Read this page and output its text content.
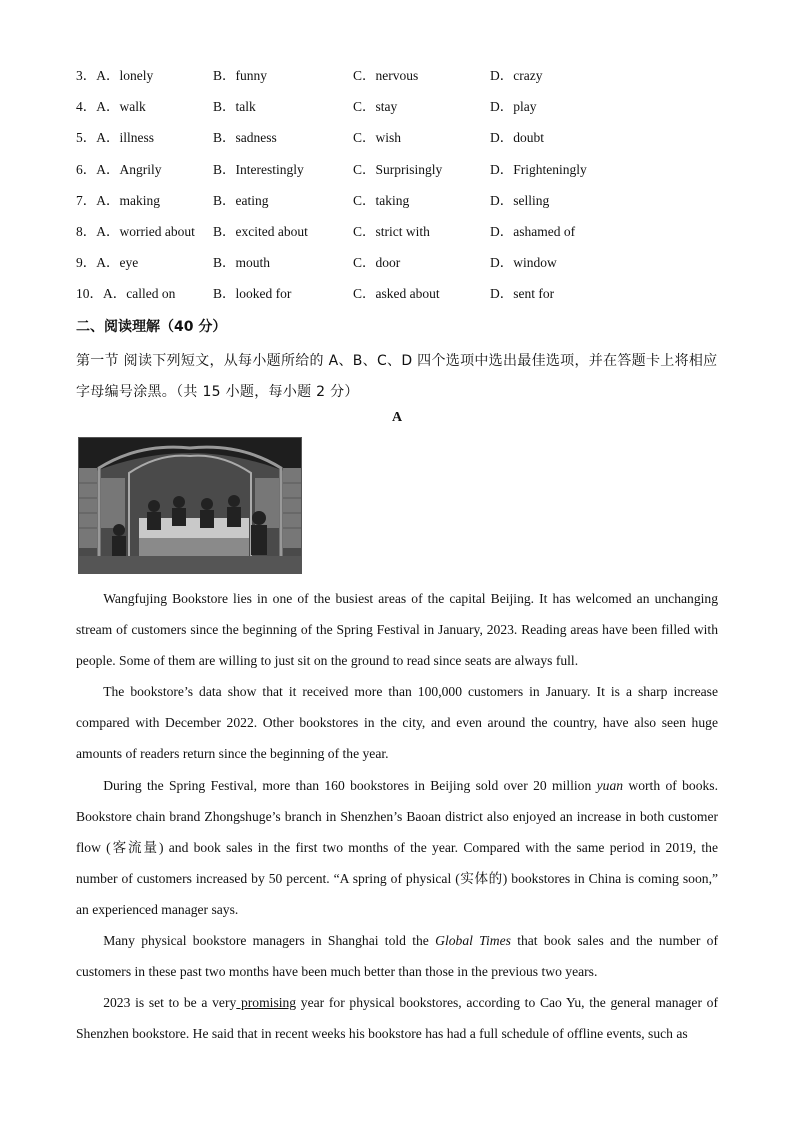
3．A．lonely	B．funny	C．nervous	D．crazy
4．A．walk	B．talk	C．stay	D．play
5．A．illness	B．sadness	C．wish	D．doubt
6．A．Angrily	B．Interestingly	C．Surprisingly	D．Frighteningly
7．A．making	B．eating	C．taking	D．selling
8．A．worried about B．excited about	C．strict with	D．ashamed of
9．A．eye	B．mouth	C．door	D．window
10．A．called on	B．looked for	C．asked about	D．sent for
二、阅读理解（40 分）
第一节 阅读下列短文，从每小题所给的 A、B、C、D 四个选项中选出最佳选项，并在答题卡上将相应字母编号涂黑。（共 15 小题，每小题 2 分）
A

Wangfujing Bookstore lies in one of the busiest areas of the capital Beijing. It has welcomed an unchanging stream of customers since the beginning of the Spring Festival in January, 2023. Reading areas have been filled with people. Some of them are willing to just sit on the ground to read since seats are always full.

The bookstore’s data show that it received more than 100,000 customers in January. It is a sharp increase compared with December 2022. Other bookstores in the city, and even around the country, have also seen huge amounts of readers return since the beginning of the year.

During the Spring Festival, more than 160 bookstores in Beijing sold over 20 million yuan worth of books. Bookstore chain brand Zhongshuge’s branch in Shenzhen’s Baoan district also enjoyed an increase in both customer flow (客流量) and book sales in the first two months of the year. Compared with the same period in 2019, the number of customers increased by 50 percent. “A spring of physical (实体的) bookstores in China is coming soon,” an experienced manager says.

Many physical bookstore managers in Shanghai told the Global Times that book sales and the number of customers in these past two months have been much better than those in the previous two years.

2023 is set to be a very promising year for physical bookstores, according to Cao Yu, the general manager of Shenzhen bookstore. He said that in recent weeks his bookstore has had a full schedule of offline events, such as
